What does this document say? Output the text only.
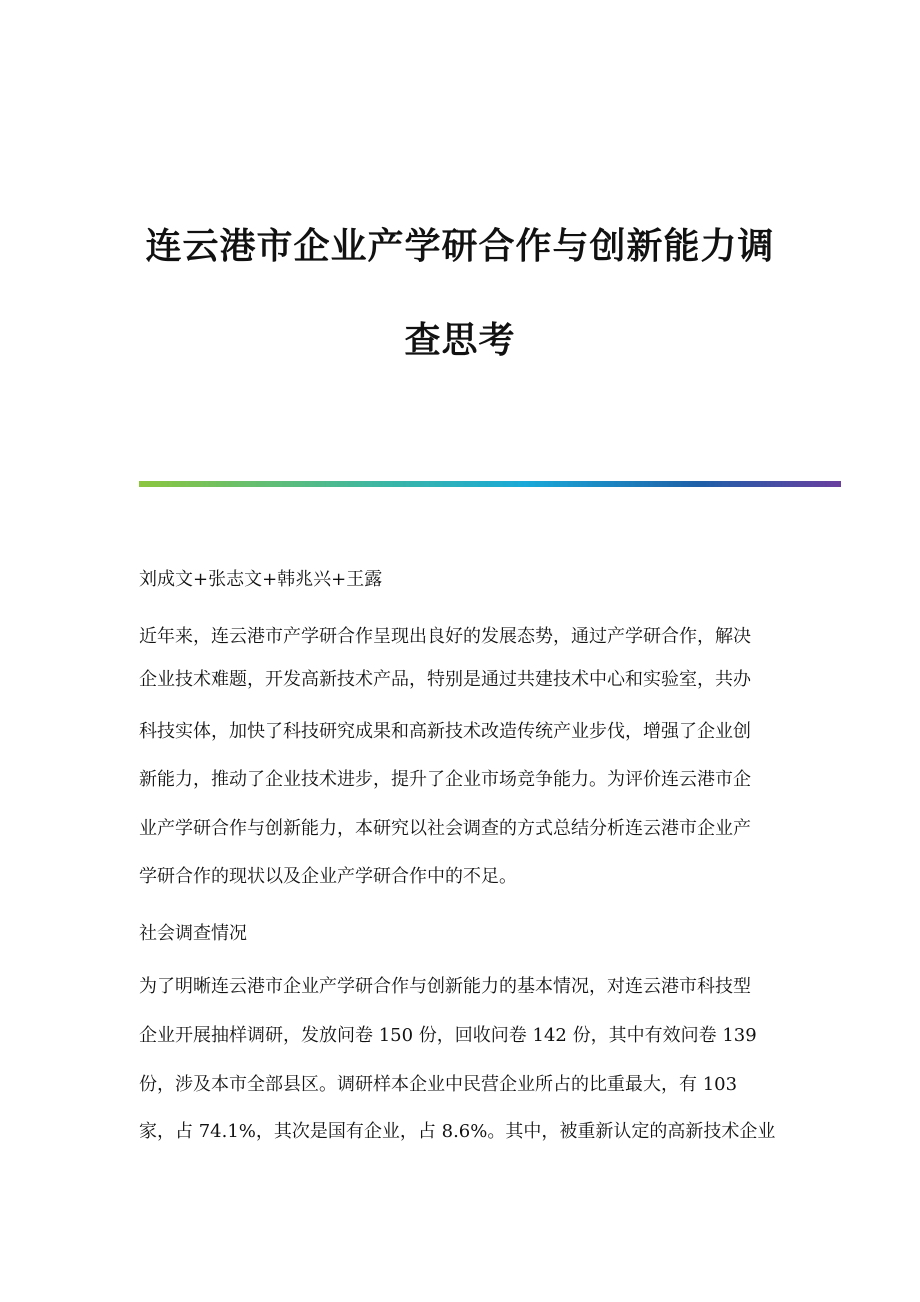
连云港市企业产学研合作与创新能力调
查思考
刘成文+张志文+韩兆兴+王露
近年来，连云港市产学研合作呈现出良好的发展态势，通过产学研合作，解决
企业技术难题，开发高新技术产品，特别是通过共建技术中心和实验室，共办
科技实体，加快了科技研究成果和高新技术改造传统产业步伐，增强了企业创
新能力，推动了企业技术进步，提升了企业市场竞争能力。为评价连云港市企
业产学研合作与创新能力，本研究以社会调查的方式总结分析连云港市企业产
学研合作的现状以及企业产学研合作中的不足。
社会调查情况
为了明晰连云港市企业产学研合作与创新能力的基本情况，对连云港市科技型
企业开展抽样调研，发放问卷 150 份，回收问卷 142 份，其中有效问卷 139
份，涉及本市全部县区。调研样本企业中民营企业所占的比重最大，有 103
家，占 74.1%，其次是国有企业，占 8.6%。其中，被重新认定的高新技术企业
